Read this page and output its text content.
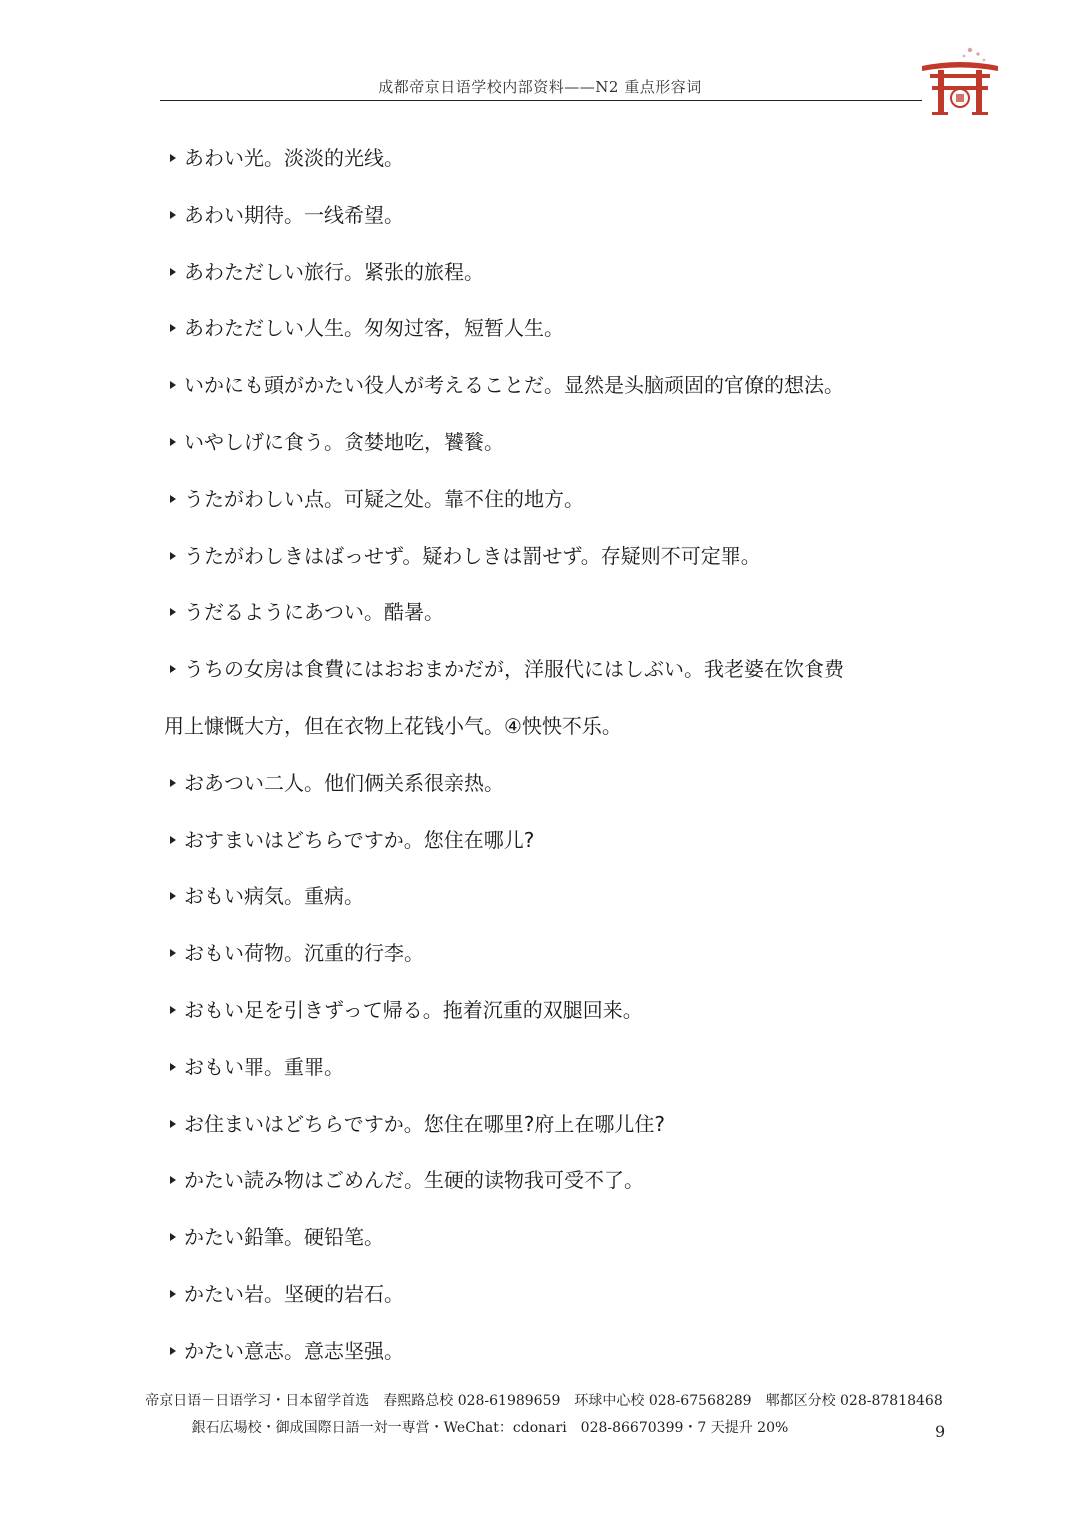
成都帝京日语学校内部资料——N2 重点形容词
あわい光。淡淡的光线。
あわい期待。一线希望。
あわただしい旅行。紧张的旅程。
あわただしい人生。匆匆过客，短暂人生。
いかにも頭がかたい役人が考えることだ。显然是头脑顽固的官僚的想法。
いやしげに食う。贪婪地吃，饕餮。
うたがわしい点。可疑之处。靠不住的地方。
うたがわしきはばっせず。疑わしきは罰せず。存疑则不可定罪。
うだるようにあつい。酷暑。
うちの女房は食費にはおおまかだが，洋服代にはしぶい。我老婆在饮食费
用上慷慨大方，但在衣物上花钱小气。④怏怏不乐。
おあつい二人。他们俩关系很亲热。
おすまいはどちらですか。您住在哪儿?
おもい病気。重病。
おもい荷物。沉重的行李。
おもい足を引きずって帰る。拖着沉重的双腿回来。
おもい罪。重罪。
お住まいはどちらですか。您住在哪里?府上在哪儿住?
かたい読み物はごめんだ。生硬的读物我可受不了。
かたい鉛筆。硬铅笔。
かたい岩。坚硬的岩石。
かたい意志。意志坚强。
帝京日语－日语学习・日本留学首选　春熙路总校 028-61989659　环球中心校 028-67568289　郫都区分校 028-87818468
銀石広場校・御成国際日語一対一専営・WeChat：cdonari　028-86670399・7 天提升 20%	9
